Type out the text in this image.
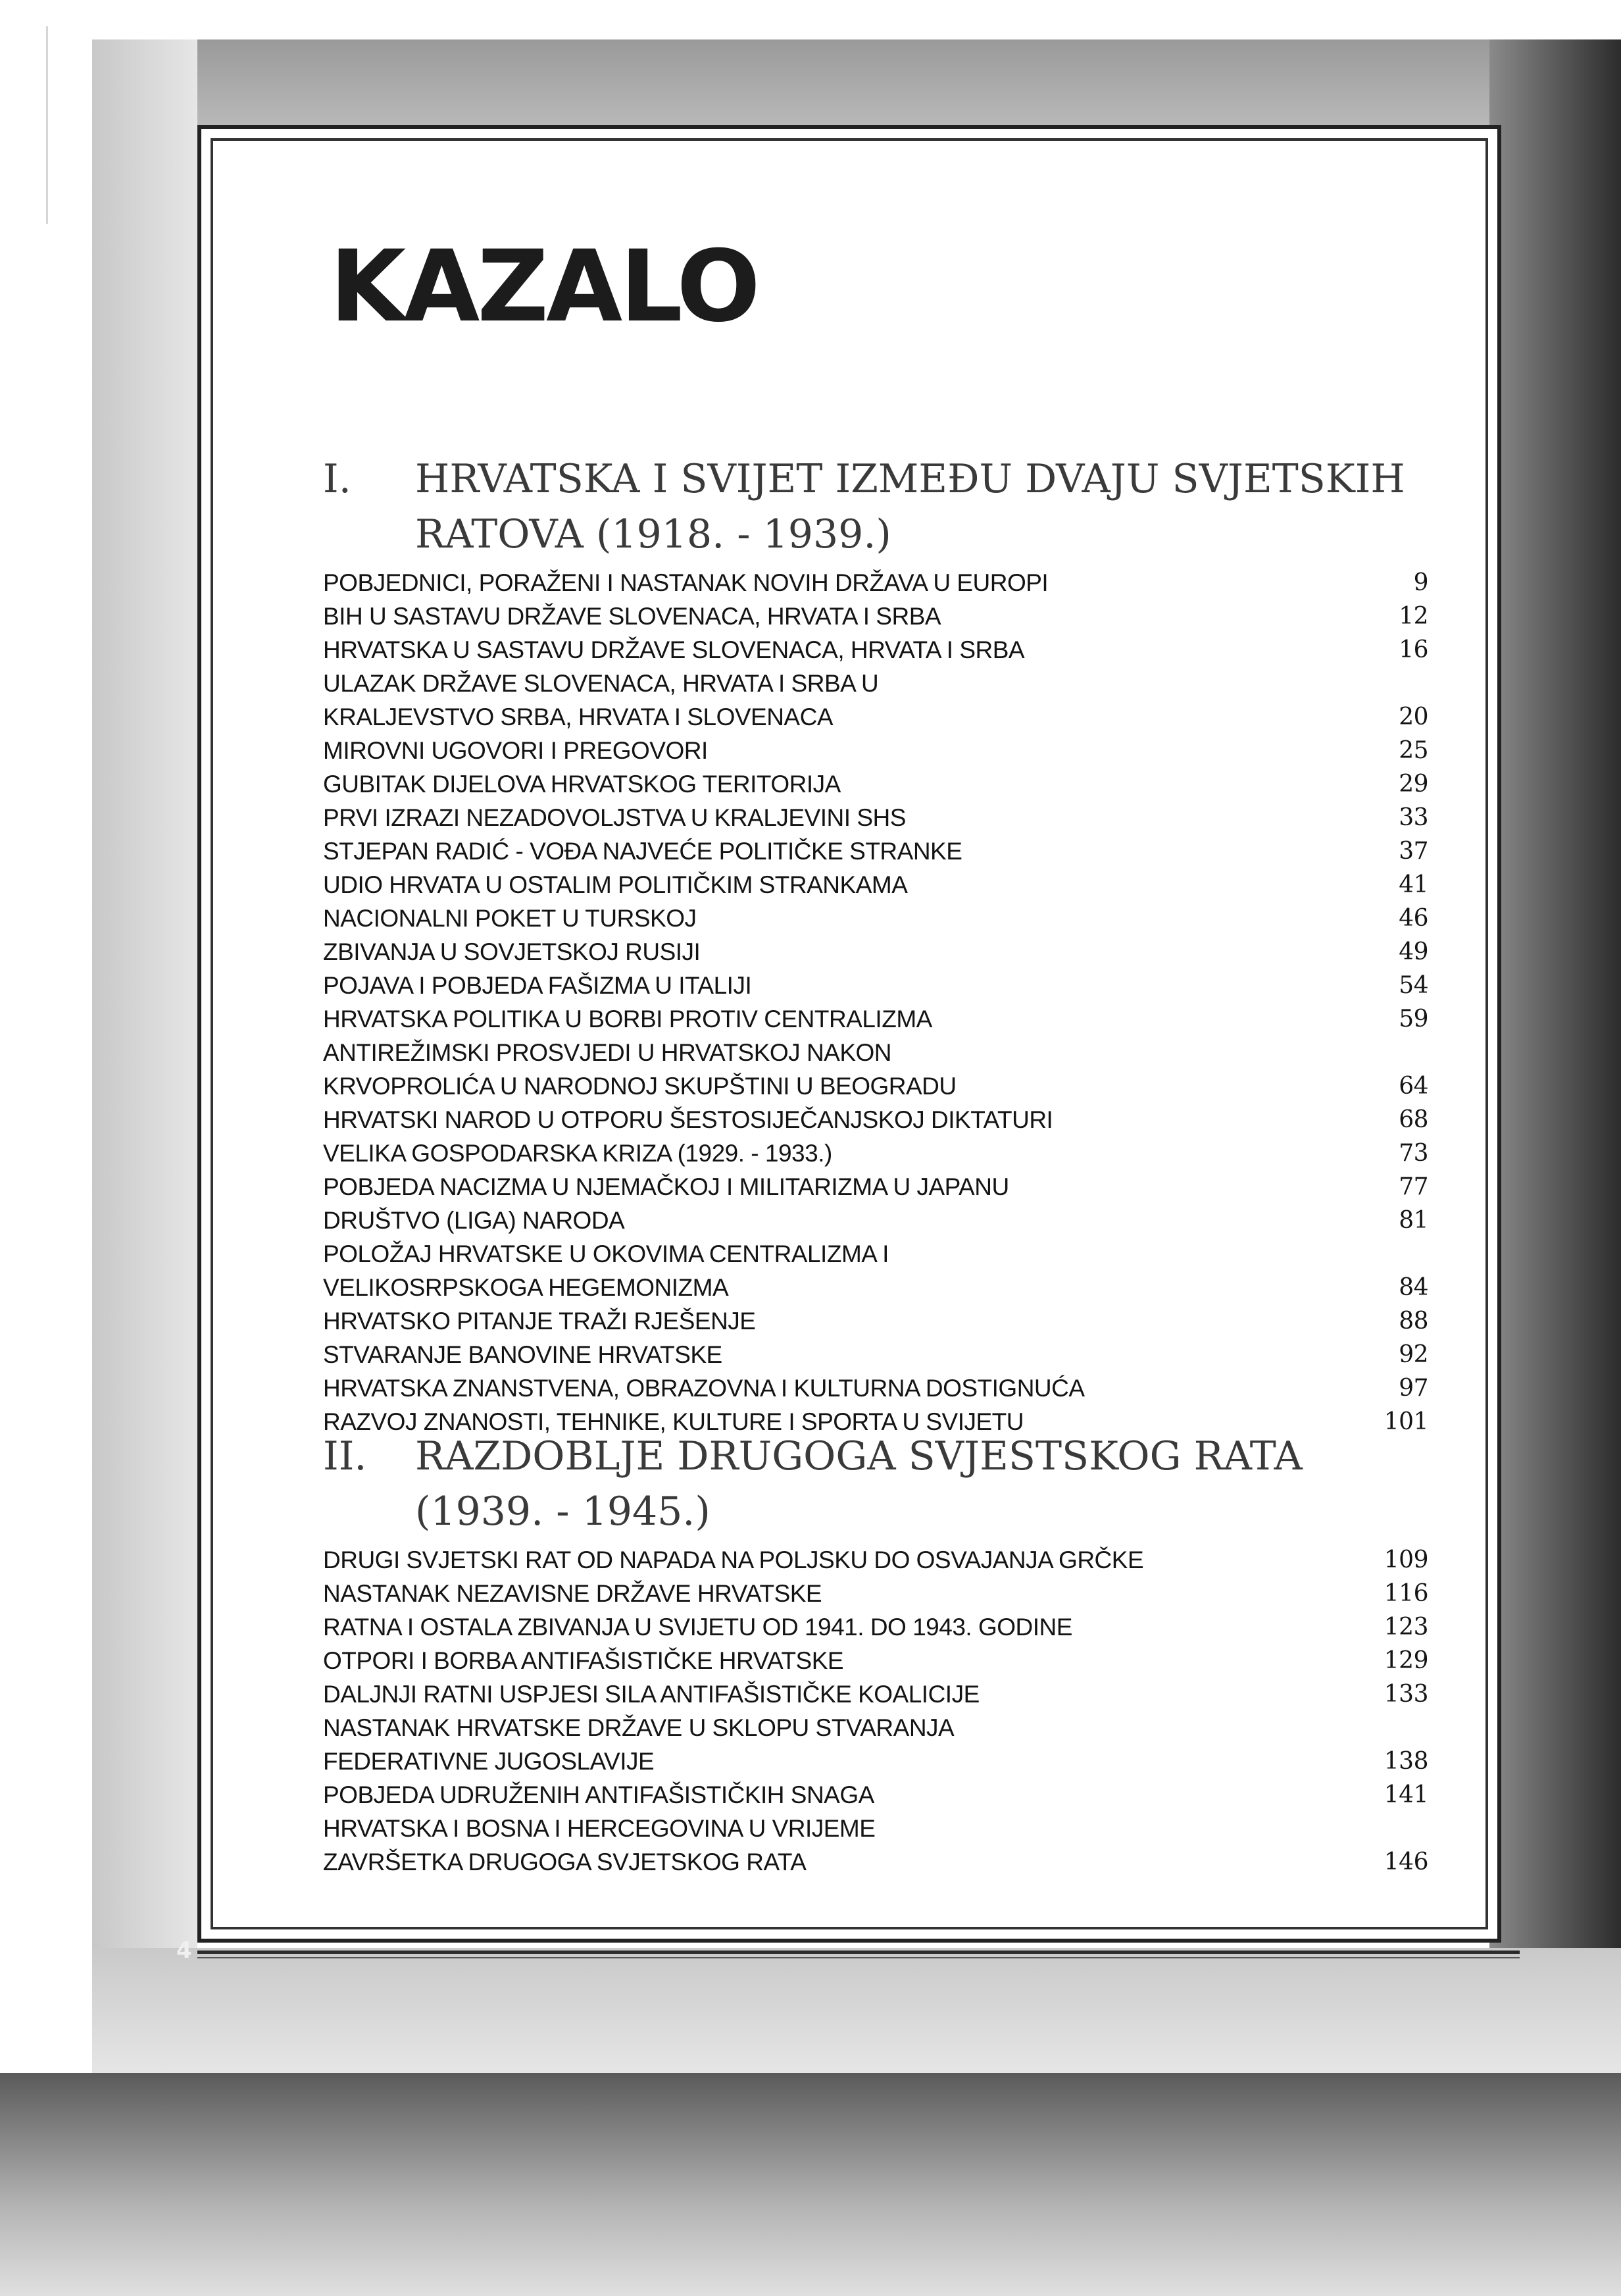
KAZALO
I.	HRVATSKA I SVIJET IZMEĐU DVAJU SVJETSKIH RATOVA (1918. - 1939.)
POBJEDNICI, PORAŽENI I NASTANAK NOVIH DRŽAVA U EUROPI	9
BIH U SASTAVU DRŽAVE SLOVENACA, HRVATA I SRBA	12
HRVATSKA U SASTAVU DRŽAVE SLOVENACA, HRVATA I SRBA	16
ULAZAK DRŽAVE SLOVENACA, HRVATA I SRBA U
KRALJEVSTVO SRBA, HRVATA I SLOVENACA	20
MIROVNI UGOVORI I PREGOVORI	25
GUBITAK DIJELOVA HRVATSKOG TERITORIJA	29
PRVI IZRAZI NEZADOVOLJSTVA U KRALJEVINI SHS	33
STJEPAN RADIĆ - VOĐA NAJVEĆE POLITIČKE STRANKE	37
UDIO HRVATA U OSTALIM POLITIČKIM STRANKAMA	41
NACIONALNI POKET U TURSKOJ	46
ZBIVANJA U SOVJETSKOJ RUSIJI	49
POJAVA I POBJEDA FAŠIZMA U ITALIJI	54
HRVATSKA POLITIKA U BORBI PROTIV CENTRALIZMA	59
ANTIREŽIMSKI PROSVJEDI U HRVATSKOJ NAKON
KRVOPROLIĆA U NARODNOJ SKUPŠTINI U BEOGRADU	64
HRVATSKI NAROD U OTPORU ŠESTOSIJEČANJSKOJ DIKTATURI	68
VELIKA GOSPODARSKA KRIZA (1929. - 1933.)	73
POBJEDA NACIZMA U NJEMAČKOJ I MILITARIZMA U JAPANU	77
DRUŠTVO (LIGA) NARODA	81
POLOŽAJ HRVATSKE U OKOVIMA CENTRALIZMA I
VELIKOSRPSKOGA HEGEMONIZMA	84
HRVATSKO PITANJE TRAŽI RJEŠENJE	88
STVARANJE BANOVINE HRVATSKE	92
HRVATSKA ZNANSTVENA, OBRAZOVNA I KULTURNA DOSTIGNUĆA	97
RAZVOJ ZNANOSTI, TEHNIKE, KULTURE I SPORTA U SVIJETU	101
II.	RAZDOBLJE DRUGOGA SVJESTSKOG RATA (1939. - 1945.)
DRUGI SVJETSKI RAT OD NAPADA NA POLJSKU DO OSVAJANJA GRČKE	109
NASTANAK NEZAVISNE DRŽAVE HRVATSKE	116
RATNA I OSTALA ZBIVANJA U SVIJETU OD 1941. DO 1943. GODINE	123
OTPORI I BORBA ANTIFAŠISTIČKE HRVATSKE	129
DALJNJI RATNI USPJESI SILA ANTIFAŠISTIČKE KOALICIJE	133
NASTANAK HRVATSKE DRŽAVE U SKLOPU STVARANJA
FEDERATIVNE JUGOSLAVIJE	138
POBJEDA UDRUŽENIH ANTIFAŠISTIČKIH SNAGA	141
HRVATSKA I BOSNA I HERCEGOVINA U VRIJEME
ZAVRŠETKA DRUGOGA SVJETSKOG RATA	146
4
